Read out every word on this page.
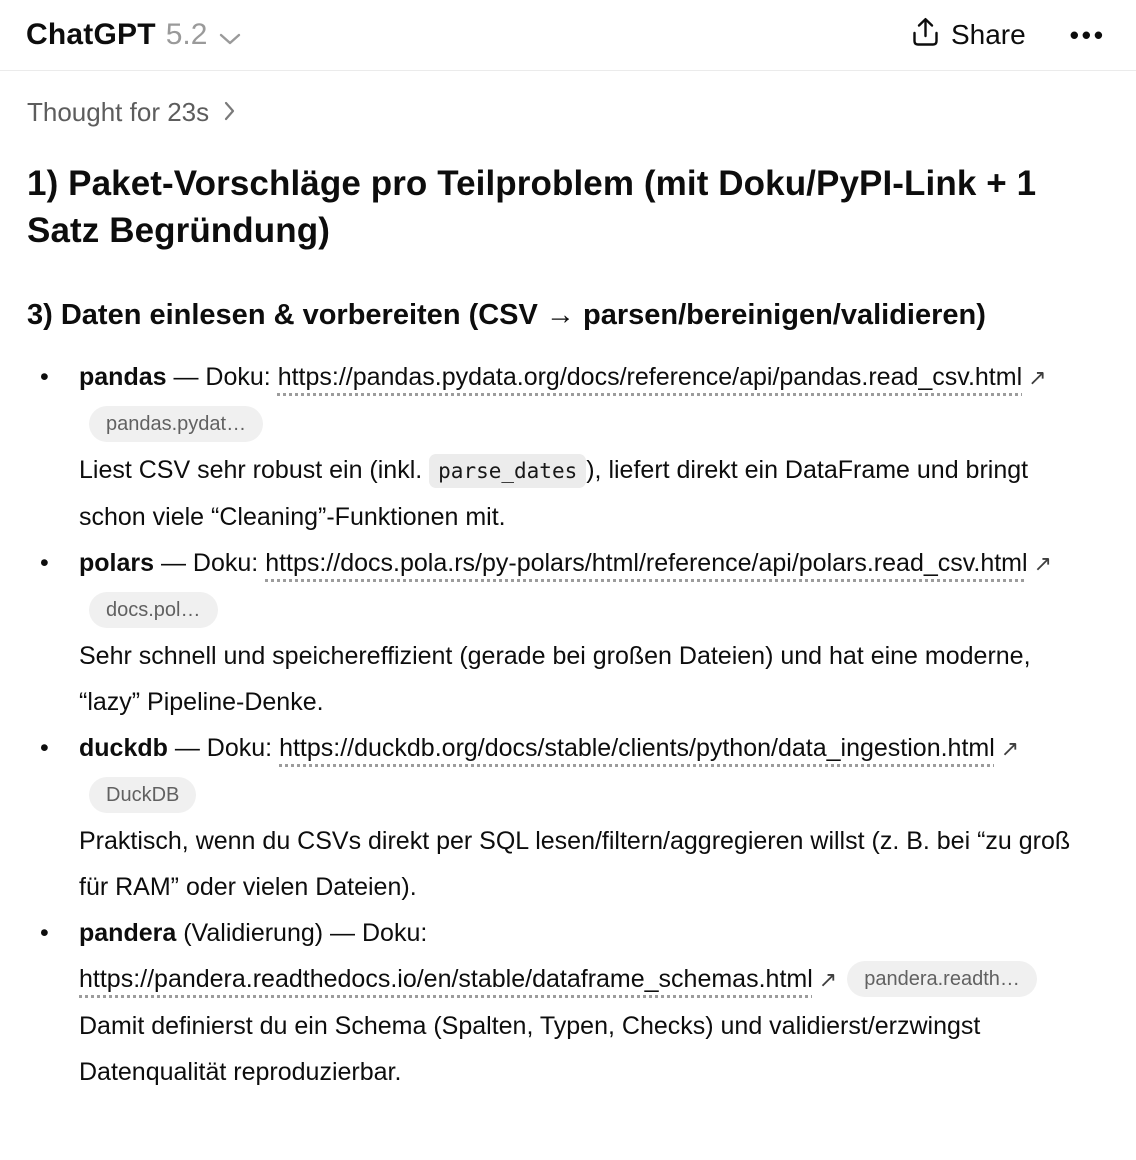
ChatGPT 5.2	Share •••
Thought for 23s
1) Paket-Vorschläge pro Teilproblem (mit Doku/PyPI-Link + 1 Satz Begründung)
3) Daten einlesen & vorbereiten (CSV → parsen/bereinigen/validieren)

• pandas — Doku: https://pandas.pydata.org/docs/reference/api/pandas.read_csv.html ↗pandas.pydat…

Liest CSV sehr robust ein (inkl. parse_dates ), liefert direkt ein DataFrame und bringt schon viele “Cleaning”-Funktionen mit.

• polars — Doku: https://docs.pola.rs/py-polars/html/reference/api/polars.read_csv.html ↗docs.pol…

Sehr schnell und speichereffizient (gerade bei großen Dateien) und hat eine moderne, “lazy” Pipeline-Denke.

• duckdb — Doku: https://duckdb.org/docs/stable/clients/python/data_ingestion.html ↗DuckDB

Praktisch, wenn du CSVs direkt per SQL lesen/filtern/aggregieren willst (z. B. bei “zu groß für RAM” oder vielen Dateien).

• pandera (Validierung) — Doku: https://pandera.readthedocs.io/en/stable/dataframe_schemas.html ↗ pandera.readth…

Damit definierst du ein Schema (Spalten, Typen, Checks) und validierst/erzwingst Datenqualität reproduzierbar.
